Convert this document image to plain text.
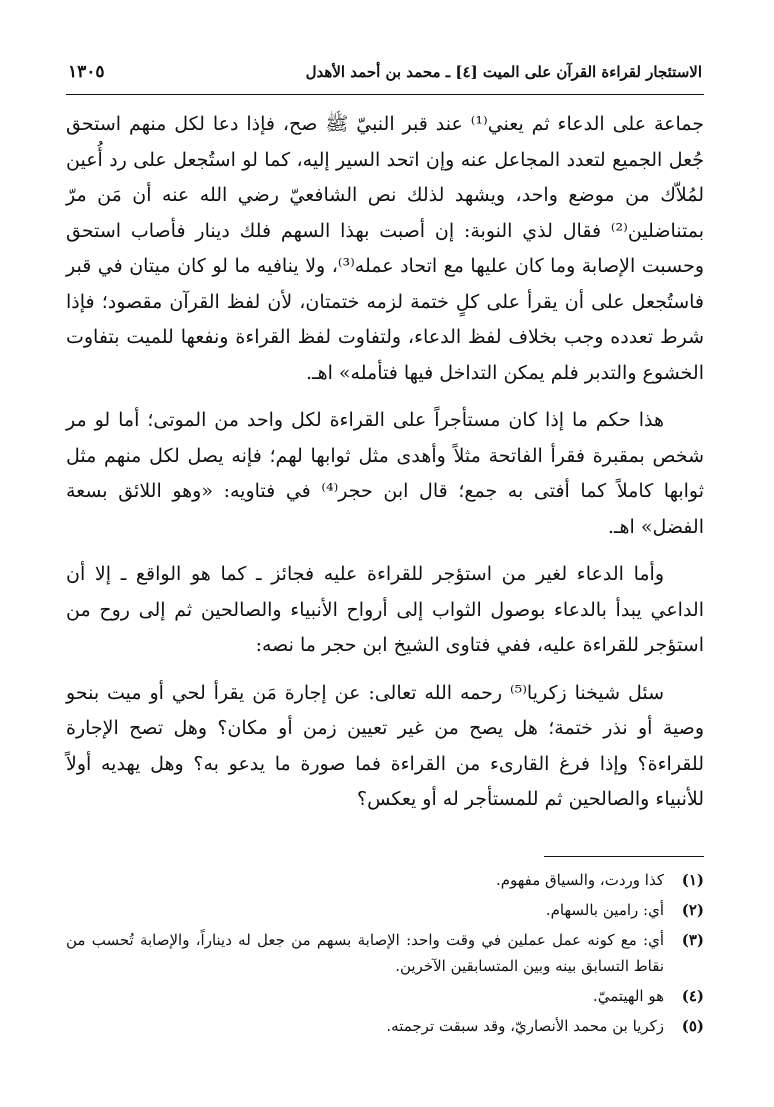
الاستئجار لقراءة القرآن على الميت [٤] ـ محمد بن أحمد الأهدل
١٣٠٥

جماعة على الدعاء ثم يعني⁽¹⁾ عند قبر النبيّ ﷺ صح، فإذا دعا لكل منهم استحق جُعل الجميع لتعدد المجاعل عنه وإن اتحد السير إليه، كما لو استُجعل على رد أُعين لمُلاّك من موضع واحد، ويشهد لذلك نص الشافعيّ رضي الله عنه أن مَن مرّ بمتناضلين⁽²⁾ فقال لذي النوبة: إن أصبت بهذا السهم فلك دينار فأصاب استحق وحسبت الإصابة وما كان عليها مع اتحاد عمله⁽³⁾، ولا ينافيه ما لو كان ميتان في قبر فاستُجعل على أن يقرأ على كلٍ ختمة لزمه ختمتان، لأن لفظ القرآن مقصود؛ فإذا شرط تعدده وجب بخلاف لفظ الدعاء، ولتفاوت لفظ القراءة ونفعها للميت بتفاوت الخشوع والتدبر فلم يمكن التداخل فيها فتأمله» اهـ.

هذا حكم ما إذا كان مستأجراً على القراءة لكل واحد من الموتى؛ أما لو مر شخص بمقبرة فقرأ الفاتحة مثلاً وأهدى مثل ثوابها لهم؛ فإنه يصل لكل منهم مثل ثوابها كاملاً كما أفتى به جمع؛ قال ابن حجر⁽⁴⁾ في فتاويه: «وهو اللائق بسعة الفضل» اهـ.

وأما الدعاء لغير من استؤجر للقراءة عليه فجائز ـ كما هو الواقع ـ إلا أن الداعي يبدأ بالدعاء بوصول الثواب إلى أرواح الأنبياء والصالحين ثم إلى روح من استؤجر للقراءة عليه، ففي فتاوى الشيخ ابن حجر ما نصه:

سئل شيخنا زكريا⁽⁵⁾ رحمه الله تعالى: عن إجارة مَن يقرأ لحي أو ميت بنحو وصية أو نذر ختمة؛ هل يصح من غير تعيين زمن أو مكان؟ وهل تصح الإجارة للقراءة؟ وإذا فرغ القارىء من القراءة فما صورة ما يدعو به؟ وهل يهديه أولاً للأنبياء والصالحين ثم للمستأجر له أو يعكس؟

(١)
كذا وردت، والسياق مفهوم.
(٢)
أي: رامين بالسهام.
(٣)
أي: مع كونه عمل عملين في وقت واحد: الإصابة بسهم من جعل له ديناراً، والإصابة تُحسب من نقاط التسابق بينه وبين المتسابقين الآخرين.
(٤)
هو الهيتميّ.
(٥)
زكريا بن محمد الأنصاريّ، وقد سبقت ترجمته.
